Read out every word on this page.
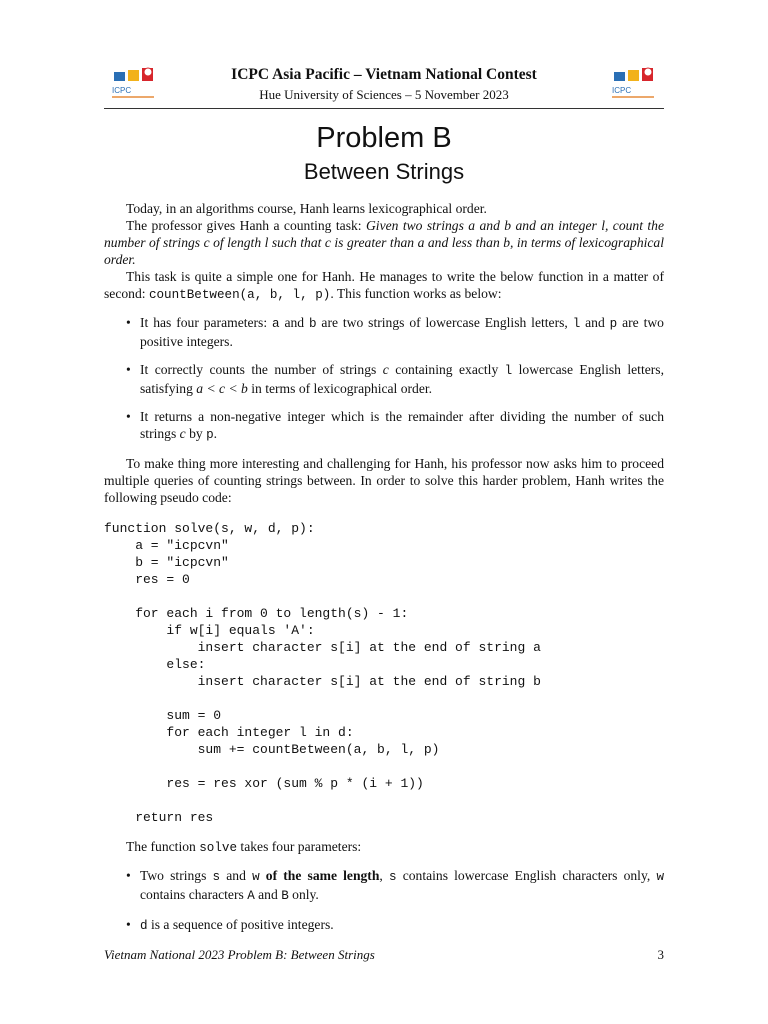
ICPC
ICPC Asia Pacific – Vietnam National Contest
Hue University of Sciences – 5 November 2023	ICPC
Problem B
Between Strings

Today, in an algorithms course, Hanh learns lexicographical order.

The professor gives Hanh a counting task: Given two strings a and b and an integer l, count the number of strings c of length l such that c is greater than a and less than b, in terms of lexicographical order.

This task is quite a simple one for Hanh. He manages to write the below function in a matter of second: countBetween(a, b, l, p). This function works as below:

• It has four parameters: a and b are two strings of lowercase English letters, l and p are two positive integers.
• It correctly counts the number of strings c containing exactly l lowercase English letters, satisfying a < c < b in terms of lexicographical order.
• It returns a non-negative integer which is the remainder after dividing the number of such strings c by p.

To make thing more interesting and challenging for Hanh, his professor now asks him to proceed multiple queries of counting strings between. In order to solve this harder problem, Hanh writes the following pseudo code:

function solve(s, w, d, p):
a = "icpcvn"
b = "icpcvn"
res = 0

for each i from 0 to length(s) - 1:
if w[i] equals 'A':
insert character s[i] at the end of string a
else:
insert character s[i] at the end of string b

sum = 0
for each integer l in d:
sum += countBetween(a, b, l, p)

res = res xor (sum % p * (i + 1))

return res

The function solve takes four parameters:

• Two strings s and w of the same length, s contains lowercase English characters only, w contains characters A and B only.
• d is a sequence of positive integers.
Vietnam National 2023 Problem B: Between Strings	3
